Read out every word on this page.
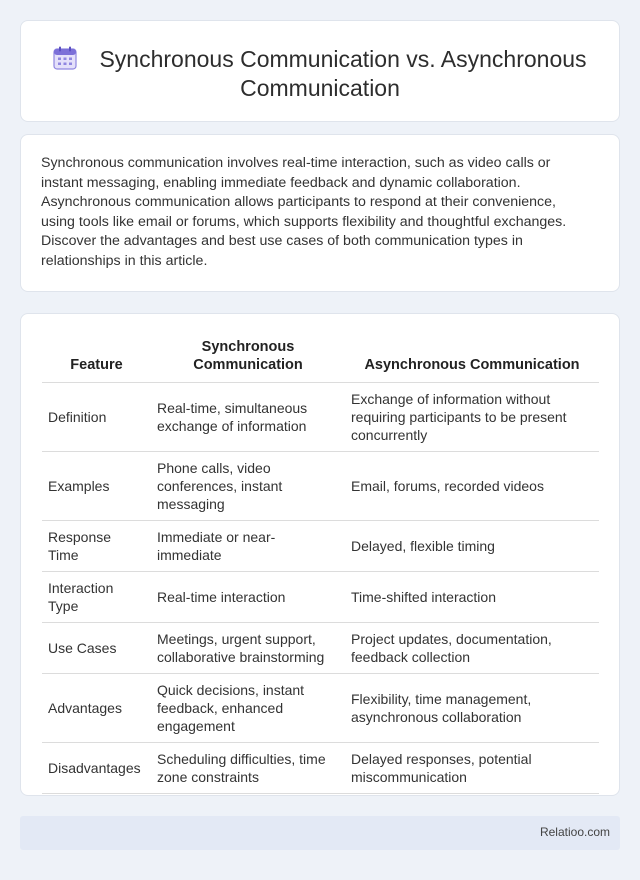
Synchronous Communication vs. Asynchronous Communication

Synchronous communication involves real-time interaction, such as video calls or instant messaging, enabling immediate feedback and dynamic collaboration. Asynchronous communication allows participants to respond at their convenience, using tools like email or forums, which supports flexibility and thoughtful exchanges. Discover the advantages and best use cases of both communication types in relationships in this article.

Feature	Synchronous Communication	Asynchronous Communication
Definition	Real-time, simultaneous exchange of information	Exchange of information without requiring participants to be present concurrently
Examples	Phone calls, video conferences, instant messaging	Email, forums, recorded videos
Response Time	Immediate or near-immediate	Delayed, flexible timing
Interaction Type	Real-time interaction	Time-shifted interaction
Use Cases	Meetings, urgent support, collaborative brainstorming	Project updates, documentation, feedback collection
Advantages	Quick decisions, instant feedback, enhanced engagement	Flexibility, time management, asynchronous collaboration
Disadvantages	Scheduling difficulties, time zone constraints	Delayed responses, potential miscommunication
Relatioo.com
